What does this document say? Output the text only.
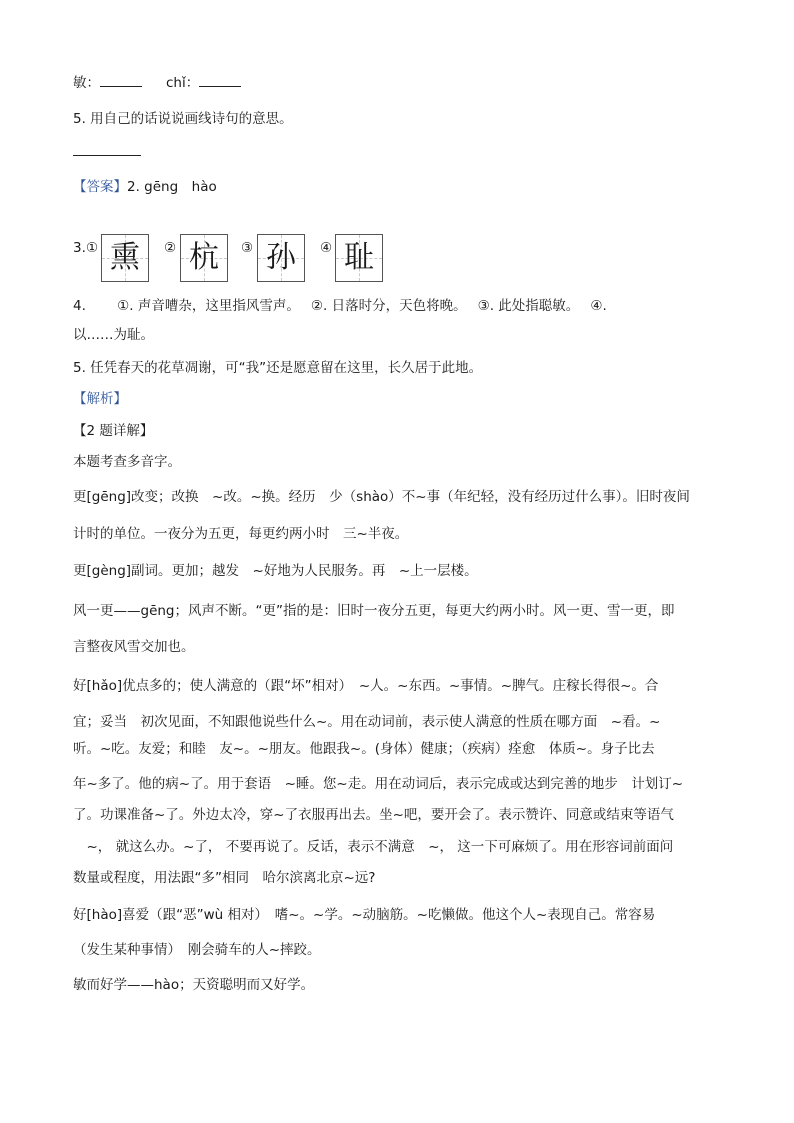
敏：	chǐ：
5. 用自己的话说说画线诗句的意思。
【答案】2. gēng　hào
3. ① 熏	② 杭	③ 孙	④ 耻
4.　　 ①. 声音嘈杂，这里指风雪声。　 ②. 日落时分，天色将晚。　 ③. 此处指聪敏。　 ④.
以……为耻。
5. 任凭春天的花草凋谢，可“我”还是愿意留在这里，长久居于此地。
【解析】
【2 题详解】
本题考查多音字。
更[gēng]改变；改换　~改。~换。经历　少（shào）不~事（年纪轻，没有经历过什么事）。旧时夜间
计时的单位。一夜分为五更，每更约两小时　三~半夜。
更[gèng]副词。更加；越发　~好地为人民服务。再　~上一层楼。
风一更——gēng；风声不断。“更”指的是：旧时一夜分五更，每更大约两小时。风一更、雪一更，即
言整夜风雪交加也。
好[hǎo]优点多的；使人满意的（跟“坏”相对）　~人。~东西。~事情。~脾气。庄稼长得很~。合
宜；妥当　初次见面，不知跟他说些什么~。用在动词前，表示使人满意的性质在哪方面　~看。~
听。~吃。友爱；和睦　友~。~朋友。他跟我~。(身体）健康；（疾病）痊愈　体质~。身子比去
年~多了。他的病~了。用于套语　~睡。您~走。用在动词后，表示完成或达到完善的地步　计划订~
了。功课准备~了。外边太冷，穿~了衣服再出去。坐~吧，要开会了。表示赞许、同意或结束等语气
　~， 就这么办。~了， 不要再说了。反话，表示不满意　~， 这一下可麻烦了。用在形容词前面问
数量或程度，用法跟“多”相同　哈尔滨离北京~远?
好[hào]喜爱（跟“恶”wù 相对）　嗜~。~学。~动脑筋。~吃懒做。他这个人~表现自己。常容易
（发生某种事情）　刚会骑车的人~摔跤。
敏而好学——hào；天资聪明而又好学。
